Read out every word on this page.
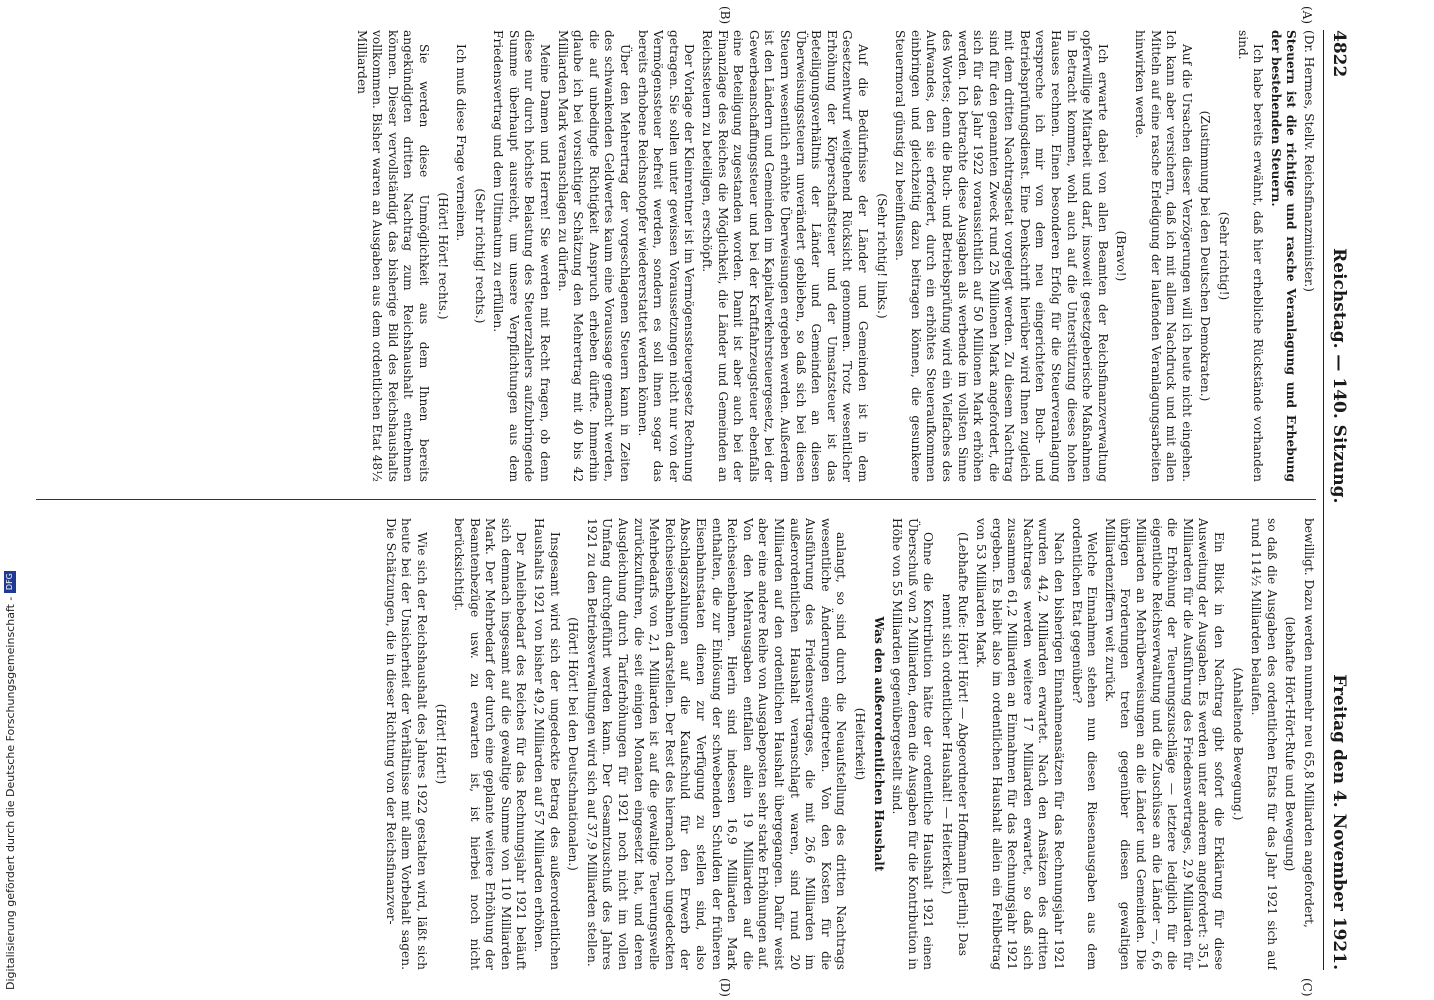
4822
Reichstag. — 140. Sitzung.
Freitag den 4. November 1921.
(A)
(B)
(C)
(D)

(Dr. Hermes, Stellv. Reichsfinanzminister.)

Steuern ist die richtige und rasche Veranlagung und Erhebung der bestehenden Steuern.

Ich habe bereits erwähnt, daß hier erhebliche Rückstände vorhanden sind.

(Sehr richtig!)

(Zustimmung bei den Deutschen Demokraten.)

Auf die Ursachen dieser Verzögerungen will ich heute nicht eingehen. Ich kann aber versichern, daß ich mit allem Nachdruck und mit allen Mitteln auf eine rasche Erledigung der laufenden Veranlagungsarbeiten hinwirken werde.

(Bravo!)

Ich erwarte dabei von allen Beamten der Reichsfinanzverwaltung opferwillige Mitarbeit und darf, insoweit gesetzgeberische Maßnahmen in Betracht kommen, wohl auch auf die Unterstützung dieses hohen Hauses rechnen. Einen besonderen Erfolg für die Steuerveranlagung verspreche ich mir von dem neu eingerichteten Buch- und Betriebsprüfungsdienst. Eine Denkschrift hierüber wird Ihnen zugleich mit dem dritten Nachtragsetat vorgelegt werden. Zu diesem Nachtrag sind für den genannten Zweck rund 25 Millionen Mark angefordert, die sich für das Jahr 1922 voraussichtlich auf 50 Millionen Mark erhöhen werden. Ich betrachte diese Ausgaben als werbende im vollsten Sinne des Wortes; denn die Buch- und Betriebsprüfung wird ein Vielfaches des Aufwandes, den sie erfordert, durch ein erhöhtes Steueraufkommen einbringen und gleichzeitig dazu beitragen können, die gesunkene Steuermoral günstig zu beeinflussen.

(Sehr richtig! links.)

Auf die Bedürfnisse der Länder und Gemeinden ist in dem Gesetzentwurf weitgehend Rücksicht genommen. Trotz wesentlicher Erhöhung der Körperschaftsteuer und der Umsatzsteuer ist das Beteiligungsverhältnis der Länder und Gemeinden an diesen Überweisungssteuern unverändert geblieben, so daß sich bei diesen Steuern wesentlich erhöhte Überweisungen ergeben werden. Außerdem ist den Ländern und Gemeinden im Kapitalverkehrsteuergesetz, bei der Gewerbeanschaffungssteuer und bei der Kraftfahrzeugsteuer ebenfalls eine Beteiligung zugestanden worden. Damit ist aber auch bei der Finanzlage des Reiches die Möglichkeit, die Länder und Gemeinden an Reichssteuern zu beteiligen, erschöpft.

Der Vorlage der Kleinrentner ist im Vermögenssteuergesetz Rechnung getragen. Sie sollen unter gewissen Voraussetzungen nicht nur von der Vermögenssteuer befreit werden, sondern es soll ihnen sogar das bereits erhobene Reichsnotopfer wiedererstattet werden können.

Über den Mehrertrag der vorgeschlagenen Steuern kann in Zeiten des schwankenden Geldwertes kaum eine Voraussage gemacht werden, die auf unbedingte Richtigkeit Anspruch erheben dürfte. Immerhin glaube ich bei vorsichtiger Schätzung den Mehrertrag mit 40 bis 42 Milliarden Mark veranschlagen zu dürfen.

Meine Damen und Herren! Sie werden mit Recht fragen, ob denn diese nur durch höchste Belastung des Steuerzahlers aufzubringende Summe überhaupt ausreicht, um unsere Verpflichtungen aus dem Friedensvertrag und dem Ultimatum zu erfüllen.

(Sehr richtig! rechts.)

Ich muß diese Frage verneinen.

(Hört! Hört! rechts.)

Sie werden diese Unmöglichkeit aus dem Ihnen bereits angekündigten dritten Nachtrag zum Reichshaushalt entnehmen können. Dieser vervollständigt das bisherige Bild des Reichshaushalts vollkommen. Bisher waren an Ausgaben aus dem ordentlichen Etat 48½ Milliarden

bewilligt. Dazu werden nunmehr neu 65,8 Milliarden angefordert,

(lebhafte Hört-Hört-Rufe und Bewegung)

so daß die Ausgaben des ordentlichen Etats für das Jahr 1921 sich auf rund 114½ Milliarden belaufen.

(Anhaltende Bewegung.)

Ein Blick in den Nachtrag gibt sofort die Erklärung für diese Ausweitung der Ausgaben. Es werden unter anderem angefordert: 35,1 Milliarden für die Ausführung des Friedensvertrages, 2,9 Milliarden für die Erhöhung der Teuerungszuschläge — letztere lediglich für die eigentliche Reichsverwaltung und die Zuschüsse an die Länder —, 6,6 Milliarden an Mehrüberweisungen an die Länder und Gemeinden. Die übrigen Forderungen treten gegenüber diesen gewaltigen Milliardenziffern weit zurück.

Welche Einnahmen stehen nun diesen Riesenausgaben aus dem ordentlichen Etat gegenüber?

Nach den bisherigen Einnahmeansätzen für das Rechnungsjahr 1921 wurden 44,2 Milliarden erwartet. Nach den Ansätzen des dritten Nachtrages werden weitere 17 Milliarden erwartet, so daß sich zusammen 61,2 Milliarden an Einnahmen für das Rechnungsjahr 1921 ergeben. Es bleibt also im ordentlichen Haushalt allein ein Fehlbetrag von 53 Milliarden Mark.

(Lebhafte Rufe: Hört! Hört! — Abgeordneter Hoffmann [Berlin]: Das nennt sich ordentlicher Haushalt! — Heiterkeit.)

Ohne die Kontribution hätte der ordentliche Haushalt 1921 einen Überschuß von 2 Milliarden, denen die Ausgaben für die Kontribution in Höhe von 55 Milliarden gegenübergestellt sind.

Was den außerordentlichen Haushalt

(Heiterkeit)

anlangt, so sind durch die Neuaufstellung des dritten Nachtrags wesentliche Änderungen eingetreten. Von den Kosten für die Ausführung des Friedensvertrages, die mit 26,6 Milliarden im außerordentlichen Haushalt veranschlagt waren, sind rund 20 Milliarden auf den ordentlichen Haushalt übergegangen. Dafür weist aber eine andere Reihe von Ausgabeposten sehr starke Erhöhungen auf. Von den Mehrausgaben entfallen allein 19 Milliarden auf die Reichseisenbahnen. Hierin sind indessen 16,9 Milliarden Mark enthalten, die zur Einlösung der schwebenden Schulden der früheren Eisenbahnstaaten dienen zur Verfügung zu stellen sind, also Abschlagszahlungen auf die Kaufschuld für den Erwerb der Reichseisenbahnen darstellen. Der Rest des hiernach noch ungedeckten Mehrbedarfs von 2,1 Milliarden ist auf die gewaltige Teuerungswelle zurückzuführen, die seit einigen Monaten eingesetzt hat, und deren Ausgleichung durch Tariferhöhungen für 1921 noch nicht im vollen Umfang durchgeführt werden kann. Der Gesamtzuschuß des Jahres 1921 zu den Betriebsverwaltungen wird sich auf 37,9 Milliarden stellen.

(Hört! Hört! bei den Deutschnationalen.)

Insgesamt wird sich der ungedeckte Betrag des außerordentlichen Haushalts 1921 von bisher 49,2 Milliarden auf 57 Milliarden erhöhen.

Der Anleihebedarf des Reiches für das Rechnungsjahr 1921 beläuft sich demnach insgesamt auf die gewaltige Summe von 110 Milliarden Mark. Der Mehrbedarf der durch eine geplante weitere Erhöhung der Beamtenbezüge usw. zu erwarten ist, ist hierbei noch nicht berücksichtigt.

(Hört! Hört!)

Wie sich der Reichshaushalt des Jahres 1922 gestalten wird, läßt sich heute bei der Unsicherheit der Verhältnisse mit allem Vorbehalt sagen. Die Schätzungen, die in dieser Richtung von der Reichsfinanzver-

Digitalisierung gefördert durch die Deutsche Forschungsgemeinschaft -
DFG
